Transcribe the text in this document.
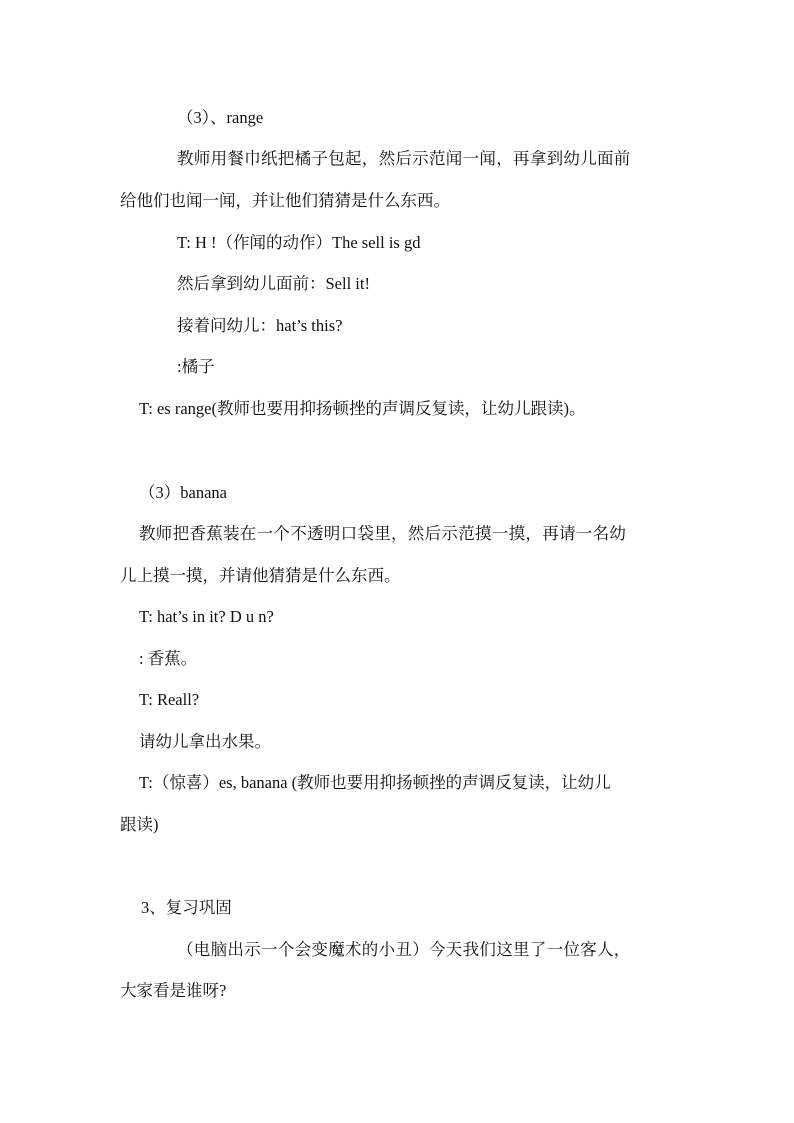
（3）、range
教师用餐巾纸把橘子包起，然后示范闻一闻，再拿到幼儿面前
给他们也闻一闻，并让他们猜猜是什么东西。
T: H !（作闻的动作）The sell is gd
然后拿到幼儿面前：Sell it!
接着问幼儿：hat’s this?
:橘子
T: es range(教师也要用抑扬顿挫的声调反复读，让幼儿跟读)。
（3）banana
教师把香蕉装在一个不透明口袋里，然后示范摸一摸，再请一名幼
儿上摸一摸，并请他猜猜是什么东西。
T: hat’s in it? D u n?
: 香蕉。
T: Reall?
请幼儿拿出水果。
T:（惊喜）es, banana (教师也要用抑扬顿挫的声调反复读，让幼儿
跟读)
3、复习巩固
（电脑出示一个会变魔术的小丑）今天我们这里了一位客人，
大家看是谁呀?
